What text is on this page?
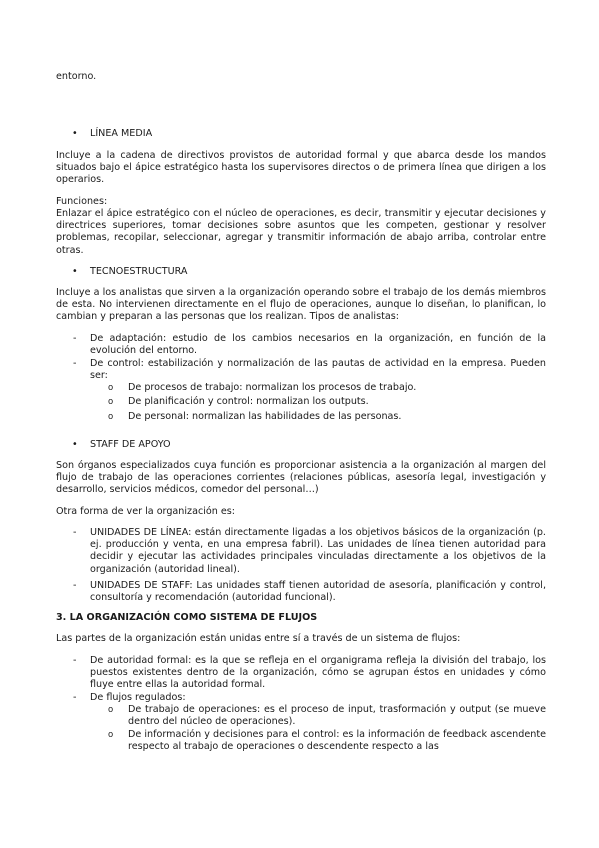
entorno.

•	LÍNEA MEDIA

Incluye a la cadena de directivos provistos de autoridad formal y que abarca desde los mandos situados bajo el ápice estratégico hasta los supervisores directos o de primera línea que dirigen a los operarios.

Funciones:

Enlazar el ápice estratégico con el núcleo de operaciones, es decir, transmitir y ejecutar decisiones y directrices superiores, tomar decisiones sobre asuntos que les competen, gestionar y resolver problemas, recopilar, seleccionar, agregar y transmitir información de abajo arriba, controlar entre otras.

•	TECNOESTRUCTURA

Incluye a los analistas que sirven a la organización operando sobre el trabajo de los demás miembros de esta. No intervienen directamente en el flujo de operaciones, aunque lo diseñan, lo planifican, lo cambian y preparan a las personas que los realizan. Tipos de analistas:

- De adaptación: estudio de los cambios necesarios en la organización, en función de la evolución del entorno.

- De control: estabilización y normalización de las pautas de actividad en la empresa. Pueden ser:

o De procesos de trabajo: normalizan los procesos de trabajo.

o De planificación y control: normalizan los outputs.

o De personal: normalizan las habilidades de las personas.

•	STAFF DE APOYO

Son órganos especializados cuya función es proporcionar asistencia a la organización al margen del flujo de trabajo de las operaciones corrientes (relaciones públicas, asesoría legal, investigación y desarrollo, servicios médicos, comedor del personal…)

Otra forma de ver la organización es:

- UNIDADES DE LÍNEA: están directamente ligadas a los objetivos básicos de la organización (p. ej. producción y venta, en una empresa fabril). Las unidades de línea tienen autoridad para decidir y ejecutar las actividades principales vinculadas directamente a los objetivos de la organización (autoridad lineal).

- UNIDADES DE STAFF: Las unidades staff tienen autoridad de asesoría, planificación y control, consultoría y recomendación (autoridad funcional).

3. LA ORGANIZACIÓN COMO SISTEMA DE FLUJOS

Las partes de la organización están unidas entre sí a través de un sistema de flujos:

- De autoridad formal: es la que se refleja en el organigrama refleja la división del trabajo, los puestos existentes dentro de la organización, cómo se agrupan éstos en unidades y cómo fluye entre ellas la autoridad formal.

- De flujos regulados:

o De trabajo de operaciones: es el proceso de input, trasformación y output (se mueve dentro del núcleo de operaciones).

o De información y decisiones para el control: es la información de feedback ascendente respecto al trabajo de operaciones o descendente respecto a las
